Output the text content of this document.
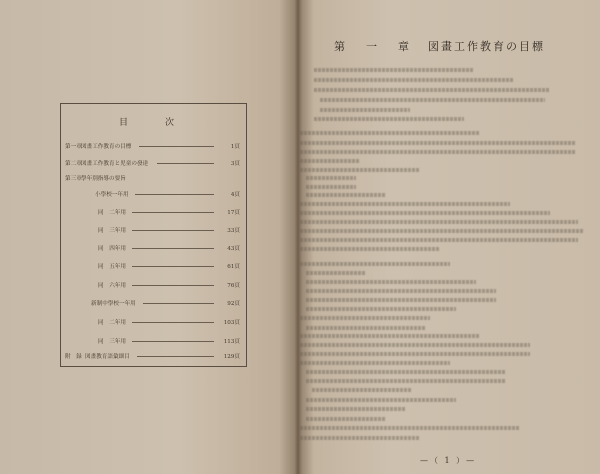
目　次
第一章 図畫工作教育の目標	1頁
第二章 図畫工作教育と児童の發達	3頁
第三章 學年別指導の要旨
小學校一年用	4頁
同　二年用	17頁
同　三年用	33頁
同　四年用	43頁
同　五年用	61頁
同　六年用	76頁
新制中學校一年用	92頁
同　二年用	103頁
同　三年用	113頁
附　録 図畫教育語彙細目	129頁
第　一　章 図畫工作教育の目標
—（ 1 ）—
